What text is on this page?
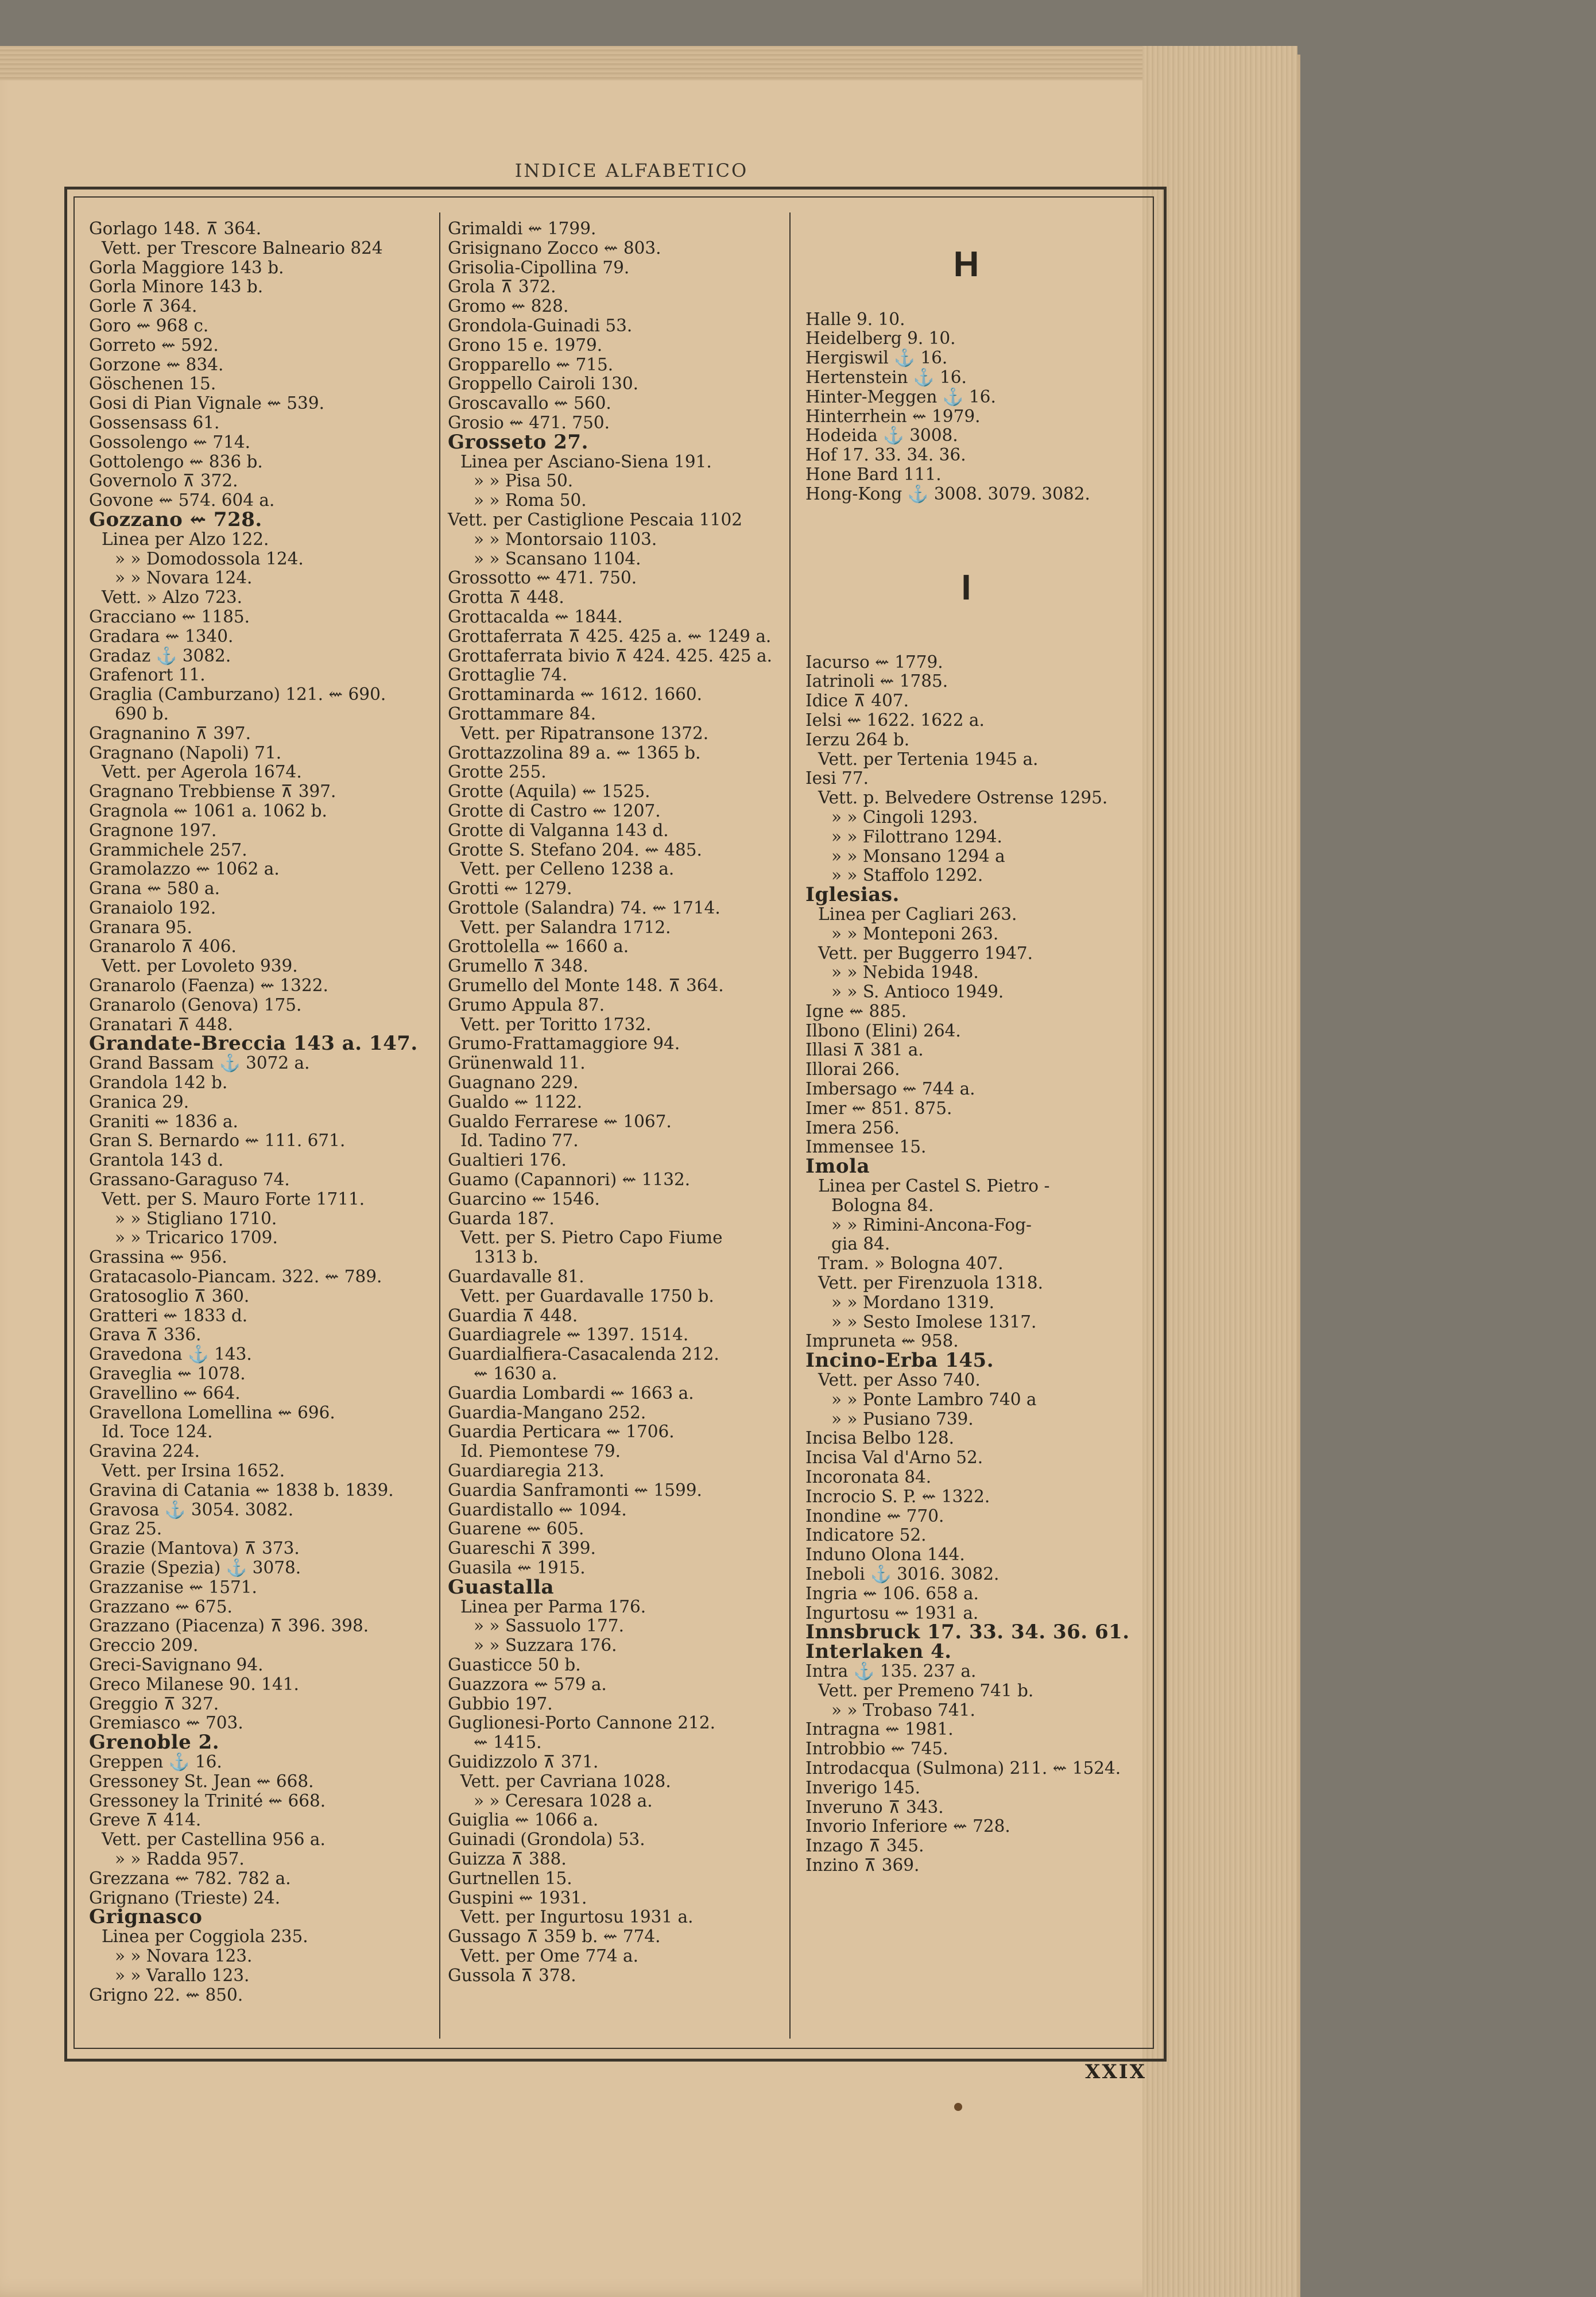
INDICE ALFABETICO
Gorlago 148. ⊼ 364.
Vett. per Trescore Balneario 824
Gorla Maggiore 143 b.
Gorla Minore 143 b.
Gorle ⊼ 364.
Goro ⇜ 968 c.
Gorreto ⇜ 592.
Gorzone ⇜ 834.
Göschenen 15.
Gosi di Pian Vignale ⇜ 539.
Gossensass 61.
Gossolengo ⇜ 714.
Gottolengo ⇜ 836 b.
Governolo ⊼ 372.
Govone ⇜ 574. 604 a.
Gozzano ⇜ 728.
Linea per Alzo 122.
» » Domodossola 124.
» » Novara 124.
Vett. » Alzo 723.
Gracciano ⇜ 1185.
Gradara ⇜ 1340.
Gradaz ⚓ 3082.
Grafenort 11.
Graglia (Camburzano) 121. ⇜ 690.
690 b.
Gragnanino ⊼ 397.
Gragnano (Napoli) 71.
Vett. per Agerola 1674.
Gragnano Trebbiense ⊼ 397.
Gragnola ⇜ 1061 a. 1062 b.
Gragnone 197.
Grammichele 257.
Gramolazzo ⇜ 1062 a.
Grana ⇜ 580 a.
Granaiolo 192.
Granara 95.
Granarolo ⊼ 406.
Vett. per Lovoleto 939.
Granarolo (Faenza) ⇜ 1322.
Granarolo (Genova) 175.
Granatari ⊼ 448.
Grandate-Breccia 143 a. 147.
Grand Bassam ⚓ 3072 a.
Grandola 142 b.
Granica 29.
Graniti ⇜ 1836 a.
Gran S. Bernardo ⇜ 111. 671.
Grantola 143 d.
Grassano-Garaguso 74.
Vett. per S. Mauro Forte 1711.
» » Stigliano 1710.
» » Tricarico 1709.
Grassina ⇜ 956.
Gratacasolo-Piancam. 322. ⇜ 789.
Gratosoglio ⊼ 360.
Gratteri ⇜ 1833 d.
Grava ⊼ 336.
Gravedona ⚓ 143.
Graveglia ⇜ 1078.
Gravellino ⇜ 664.
Gravellona Lomellina ⇜ 696.
Id. Toce 124.
Gravina 224.
Vett. per Irsina 1652.
Gravina di Catania ⇜ 1838 b. 1839.
Gravosa ⚓ 3054. 3082.
Graz 25.
Grazie (Mantova) ⊼ 373.
Grazie (Spezia) ⚓ 3078.
Grazzanise ⇜ 1571.
Grazzano ⇜ 675.
Grazzano (Piacenza) ⊼ 396. 398.
Greccio 209.
Greci-Savignano 94.
Greco Milanese 90. 141.
Greggio ⊼ 327.
Gremiasco ⇜ 703.
Grenoble 2.
Greppen ⚓ 16.
Gressoney St. Jean ⇜ 668.
Gressoney la Trinité ⇜ 668.
Greve ⊼ 414.
Vett. per Castellina 956 a.
» » Radda 957.
Grezzana ⇜ 782. 782 a.
Grignano (Trieste) 24.
Grignasco
Linea per Coggiola 235.
» » Novara 123.
» » Varallo 123.
Grigno 22. ⇜ 850.
Grimaldi ⇜ 1799.
Grisignano Zocco ⇜ 803.
Grisolia-Cipollina 79.
Grola ⊼ 372.
Gromo ⇜ 828.
Grondola-Guinadi 53.
Grono 15 e. 1979.
Gropparello ⇜ 715.
Groppello Cairoli 130.
Groscavallo ⇜ 560.
Grosio ⇜ 471. 750.
Grosseto 27.
Linea per Asciano-Siena 191.
» » Pisa 50.
» » Roma 50.
Vett. per Castiglione Pescaia 1102
» » Montorsaio 1103.
» » Scansano 1104.
Grossotto ⇜ 471. 750.
Grotta ⊼ 448.
Grottacalda ⇜ 1844.
Grottaferrata ⊼ 425. 425 a. ⇜ 1249 a.
Grottaferrata bivio ⊼ 424. 425. 425 a.
Grottaglie 74.
Grottaminarda ⇜ 1612. 1660.
Grottammare 84.
Vett. per Ripatransone 1372.
Grottazzolina 89 a. ⇜ 1365 b.
Grotte 255.
Grotte (Aquila) ⇜ 1525.
Grotte di Castro ⇜ 1207.
Grotte di Valganna 143 d.
Grotte S. Stefano 204. ⇜ 485.
Vett. per Celleno 1238 a.
Grotti ⇜ 1279.
Grottole (Salandra) 74. ⇜ 1714.
Vett. per Salandra 1712.
Grottolella ⇜ 1660 a.
Grumello ⊼ 348.
Grumello del Monte 148. ⊼ 364.
Grumo Appula 87.
Vett. per Toritto 1732.
Grumo-Frattamaggiore 94.
Grünenwald 11.
Guagnano 229.
Gualdo ⇜ 1122.
Gualdo Ferrarese ⇜ 1067.
Id. Tadino 77.
Gualtieri 176.
Guamo (Capannori) ⇜ 1132.
Guarcino ⇜ 1546.
Guarda 187.
Vett. per S. Pietro Capo Fiume
1313 b.
Guardavalle 81.
Vett. per Guardavalle 1750 b.
Guardia ⊼ 448.
Guardiagrele ⇜ 1397. 1514.
Guardialfiera-Casacalenda 212.
⇜ 1630 a.
Guardia Lombardi ⇜ 1663 a.
Guardia-Mangano 252.
Guardia Perticara ⇜ 1706.
Id. Piemontese 79.
Guardiaregia 213.
Guardia Sanframonti ⇜ 1599.
Guardistallo ⇜ 1094.
Guarene ⇜ 605.
Guareschi ⊼ 399.
Guasila ⇜ 1915.
Guastalla
Linea per Parma 176.
» » Sassuolo 177.
» » Suzzara 176.
Guasticce 50 b.
Guazzora ⇜ 579 a.
Gubbio 197.
Guglionesi-Porto Cannone 212.
⇜ 1415.
Guidizzolo ⊼ 371.
Vett. per Cavriana 1028.
» » Ceresara 1028 a.
Guiglia ⇜ 1066 a.
Guinadi (Grondola) 53.
Guizza ⊼ 388.
Gurtnellen 15.
Guspini ⇜ 1931.
Vett. per Ingurtosu 1931 a.
Gussago ⊼ 359 b. ⇜ 774.
Vett. per Ome 774 a.
Gussola ⊼ 378.
H
Halle 9. 10.
Heidelberg 9. 10.
Hergiswil ⚓ 16.
Hertenstein ⚓ 16.
Hinter-Meggen ⚓ 16.
Hinterrhein ⇜ 1979.
Hodeida ⚓ 3008.
Hof 17. 33. 34. 36.
Hone Bard 111.
Hong-Kong ⚓ 3008. 3079. 3082.
I
Iacurso ⇜ 1779.
Iatrinoli ⇜ 1785.
Idice ⊼ 407.
Ielsi ⇜ 1622. 1622 a.
Ierzu 264 b.
Vett. per Tertenia 1945 a.
Iesi 77.
Vett. p. Belvedere Ostrense 1295.
» » Cingoli 1293.
» » Filottrano 1294.
» » Monsano 1294 a
» » Staffolo 1292.
Iglesias.
Linea per Cagliari 263.
» » Monteponi 263.
Vett. per Buggerro 1947.
» » Nebida 1948.
» » S. Antioco 1949.
Igne ⇜ 885.
Ilbono (Elini) 264.
Illasi ⊼ 381 a.
Illorai 266.
Imbersago ⇜ 744 a.
Imer ⇜ 851. 875.
Imera 256.
Immensee 15.
Imola
Linea per Castel S. Pietro -
Bologna 84.
» » Rimini-Ancona-Fog-
gia 84.
Tram. » Bologna 407.
Vett. per Firenzuola 1318.
» » Mordano 1319.
» » Sesto Imolese 1317.
Impruneta ⇜ 958.
Incino-Erba 145.
Vett. per Asso 740.
» » Ponte Lambro 740 a
» » Pusiano 739.
Incisa Belbo 128.
Incisa Val d'Arno 52.
Incoronata 84.
Incrocio S. P. ⇜ 1322.
Inondine ⇜ 770.
Indicatore 52.
Induno Olona 144.
Ineboli ⚓ 3016. 3082.
Ingria ⇜ 106. 658 a.
Ingurtosu ⇜ 1931 a.
Innsbruck 17. 33. 34. 36. 61.
Interlaken 4.
Intra ⚓ 135. 237 a.
Vett. per Premeno 741 b.
» » Trobaso 741.
Intragna ⇜ 1981.
Introbbio ⇜ 745.
Introdacqua (Sulmona) 211. ⇜ 1524.
Inverigo 145.
Inveruno ⊼ 343.
Invorio Inferiore ⇜ 728.
Inzago ⊼ 345.
Inzino ⊼ 369.
XXIX
